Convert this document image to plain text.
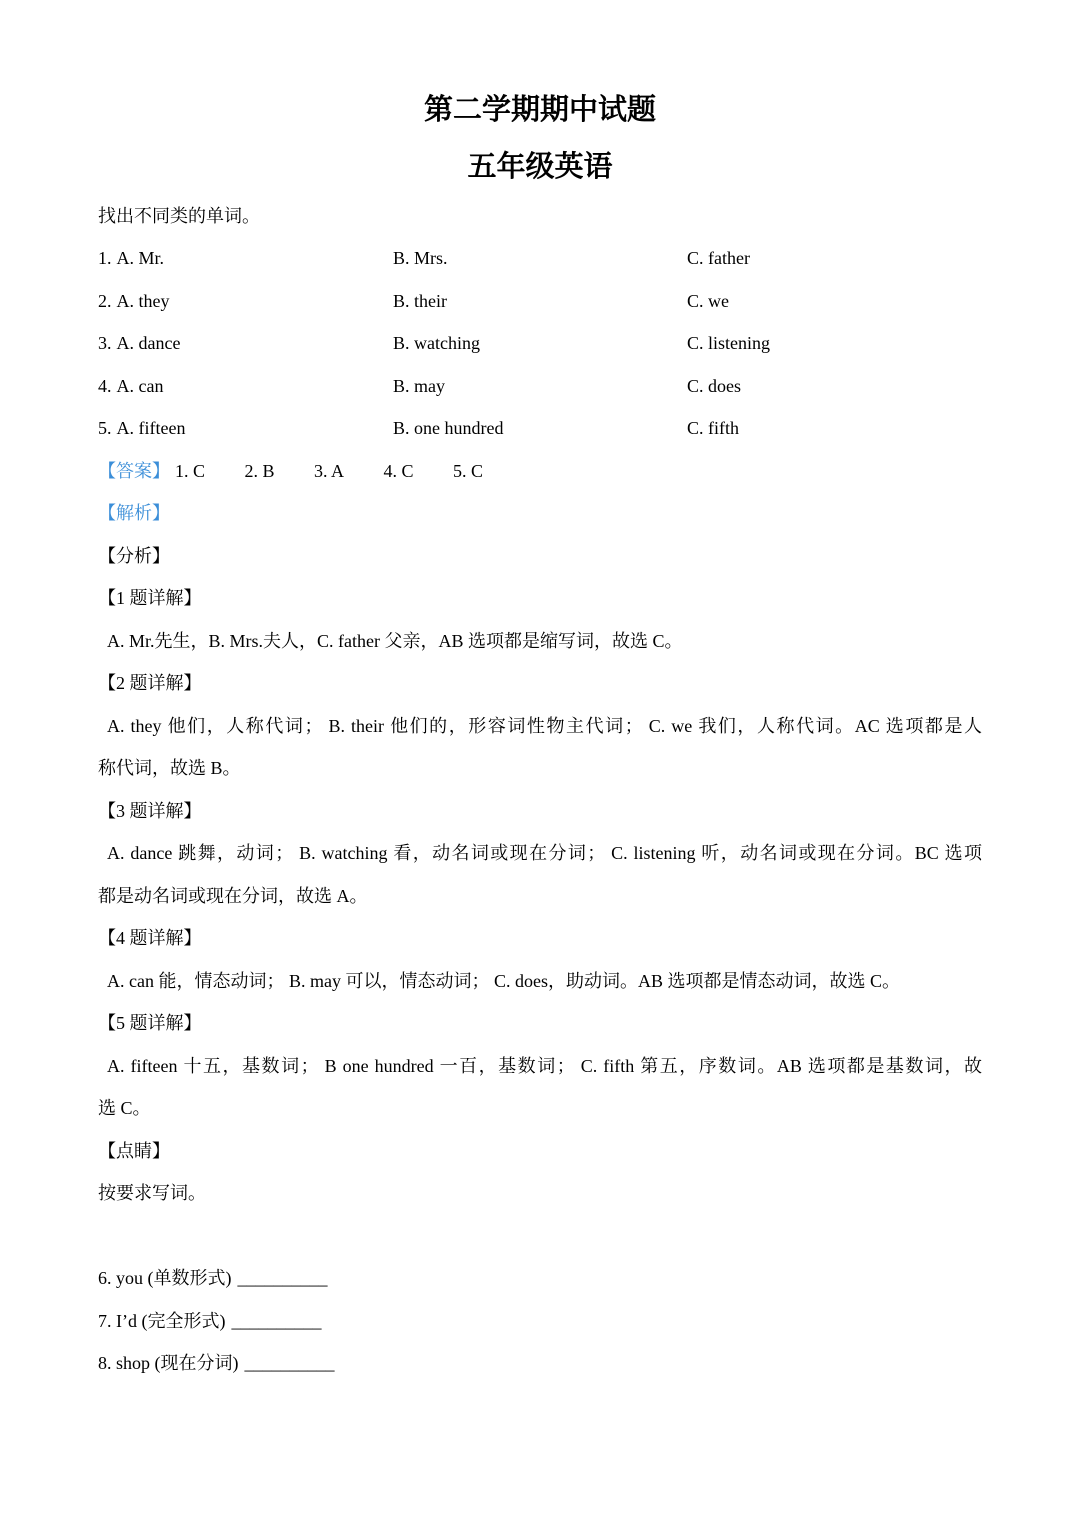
第二学期期中试题
五年级英语
找出不同类的单词。
1. A. Mr.	B. Mrs.	C. father
2. A. they	B. their	C. we
3. A. dance	B. watching	C. listening
4. A. can	B. may	C. does
5. A. fifteen	B. one hundred	C. fifth
【答案】 1. C 2. B 3. A 4. C 5. C
【解析】
【分析】
【1 题详解】
A. Mr.先生，B. Mrs.夫人，C. father 父亲，AB 选项都是缩写词，故选 C。
【2 题详解】
A. they 他们，人称代词； B. their 他们的，形容词性物主代词； C. we 我们，人称代词。AC 选项都是人
称代词，故选 B。
【3 题详解】
A. dance 跳舞，动词； B. watching 看，动名词或现在分词； C. listening 听，动名词或现在分词。BC 选项
都是动名词或现在分词，故选 A。
【4 题详解】
A. can 能，情态动词； B. may 可以，情态动词； C. does，助动词。AB 选项都是情态动词，故选 C。
【5 题详解】
A. fifteen 十五，基数词； B one hundred 一百，基数词； C. fifth 第五，序数词。AB 选项都是基数词，故
选 C。
【点睛】
按要求写词。
6. you (单数形式) __________
7. I’d (完全形式) __________
8. shop (现在分词) __________
